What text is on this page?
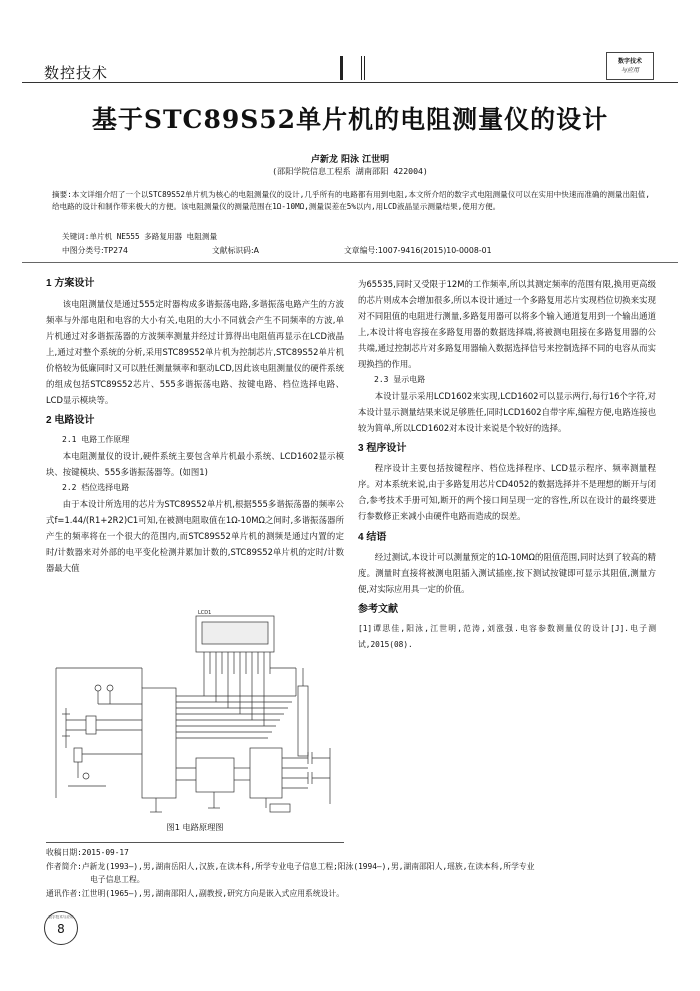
数控技术
数字技术
与应用
基于STC89S52单片机的电阻测量仪的设计
卢新龙 阳泳 江世明
(邵阳学院信息工程系 湖南邵阳 422004)
摘要:本文详细介绍了一个以STC89S52单片机为核心的电阻测量仪的设计,几乎所有的电路都有用到电阻,本文所介绍的数字式电阻测量仪可以在实用中快速而准确的测量出阻值,给电路的设计和制作带来极大的方便。该电阻测量仪的测量范围在1Ω-10MΩ,测量误差在5%以内,用LCD液晶显示测量结果,使用方便。
关键词:单片机 NE555 多路复用器 电阻测量
中图分类号:TP274	文献标识码:A	文章编号:1007-9416(2015)10-0008-01
1 方案设计

该电阻测量仪是通过555定时器构成多谐振荡电路,多谐振荡电路产生的方波频率与外部电阻和电容的大小有关,电阻的大小不同就会产生不同频率的方波,单片机通过对多谐振荡器的方波频率测量并经过计算得出电阻值再显示在LCD液晶上,通过对整个系统的分析,采用STC89S52单片机为控制芯片,STC89S52单片机价格较为低廉同时又可以胜任测量频率和驱动LCD,因此该电阻测量仪的硬件系统的组成包括STC89S52芯片、555多谐振荡电路、按键电路、档位选择电路、LCD显示模块等。

2 电路设计
2.1 电路工作原理

本电阻测量仪的设计,硬件系统主要包含单片机最小系统、LCD1602显示模块、按键模块、555多谐振荡器等。(如图1)

2.2 档位选择电路

由于本设计所选用的芯片为STC89S52单片机,根据555多谐振荡器的频率公式f=1.44/(R1+2R2)C1可知,在被测电阻取值在1Ω-10MΩ之间时,多谐振荡器所产生的频率将在一个很大的范围内,而STC89S52单片机的测频是通过内置的定时/计数器来对外部的电平变化检测并累加计数的,STC89S52单片机的定时/计数器最大值

LCD1
图1 电路原理图
为65535,同时又受限于12M的工作频率,所以其测定频率的范围有限,换用更高级的芯片则成本会增加很多,所以本设计通过一个多路复用芯片实现档位切换来实现对不同阻值的电阻进行测量,多路复用器可以将多个输入通道复用到一个输出通道上,本设计将电容接在多路复用器的数据选择端,将被测电阻接在多路复用器的公共端,通过控制芯片对多路复用器输入数据选择信号来控制选择不同的电容从而实现换挡的作用。
2.3 显示电路

本设计显示采用LCD1602来实现,LCD1602可以显示两行,每行16个字符,对本设计显示测量结果来说足够胜任,同时LCD1602自带字库,编程方便,电路连接也较为简单,所以LCD1602对本设计来说是个较好的选择。

3 程序设计

程序设计主要包括按键程序、档位选择程序、LCD显示程序、频率测量程序。对本系统来说,由于多路复用芯片CD4052的数据选择并不是理想的断开与闭合,参考技术手册可知,断开的两个接口间呈现一定的容性,所以在设计的最终要进行参数修正来减小由硬件电路而造成的误差。

4 结语

经过测试,本设计可以测量预定的1Ω-10MΩ的阻值范围,同时达到了较高的精度。测量时直接将被测电阻插入测试插座,按下测试按键即可显示其阻值,测量方便,对实际应用具一定的价值。

参考文献
[1]谭思佳,阳泳,江世明,范涛,刘涨强.电容参数测量仪的设计[J].电子测试,2015(08).
收稿日期:2015-09-17
作者简介:卢新龙(1993—),男,湖南岳阳人,汉族,在读本科,所学专业电子信息工程;阳泳(1994—),男,湖南邵阳人,瑶族,在读本科,所学专业
电子信息工程。
通讯作者:江世明(1965—),男,湖南邵阳人,副教授,研究方向是嵌入式应用系统设计。
数字技术与应用
8
